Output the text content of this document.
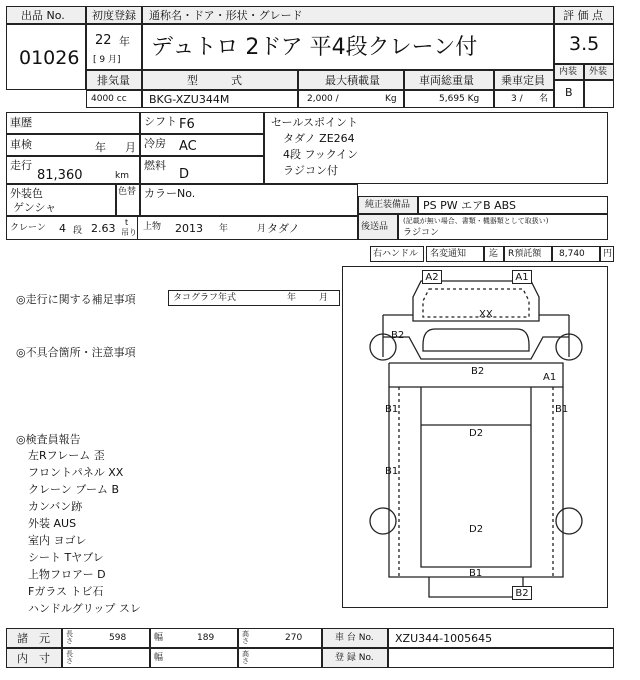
出品 No.
01026
初度登録
22 年
[ 9 月]
通称名・ドア・形状・グレード
デュトロ 2ドア 平4段クレーン付
評 価 点
3.5
内装 外装
B
排気量
4000 cc
型　　　式
BKG-XZU344M
最大積載量
2,000 /	Kg
車両総重量
5,695 Kg
乗車定員
3 / 名
車歴
車検	年 月
走行
81,360	km
シフト F6
冷房 AC
燃料
D
セールスポイント
タダノ ZE264
4段 フックイン
ラジコン付
外装色
ゲンシャ
色替 カラーNo.
純正装備品 PS PW エアB ABS
後送品
(記載が無い場合、書類・機器類として取扱い)
ラジコン
クレーン 4 段 2.63 t
吊り
上物 2013 年	月 タダノ
右ハンドル 名変通知	迄 R預託額 8,740 円
◎走行に関する補足事項	タコグラフ年式	年	月
◎不具合箇所・注意事項
◎検査員報告
左Rフレーム 歪
フロントパネル XX
クレーン ブーム B
カンバン跡
外装 AUS
室内 ヨゴレ
シート Tヤブレ
上物フロアー D
Fガラス トビ石
ハンドルグリップ スレ
XX
B2
B2
A1
B1	B1
D2
B1
D2
B1
A2	A1
B2
諸　元 長さ	598	幅	189	高さ	270	車 台 No. XZU344-1005645
内　寸 長さ	幅	高さ	登 録 No.
